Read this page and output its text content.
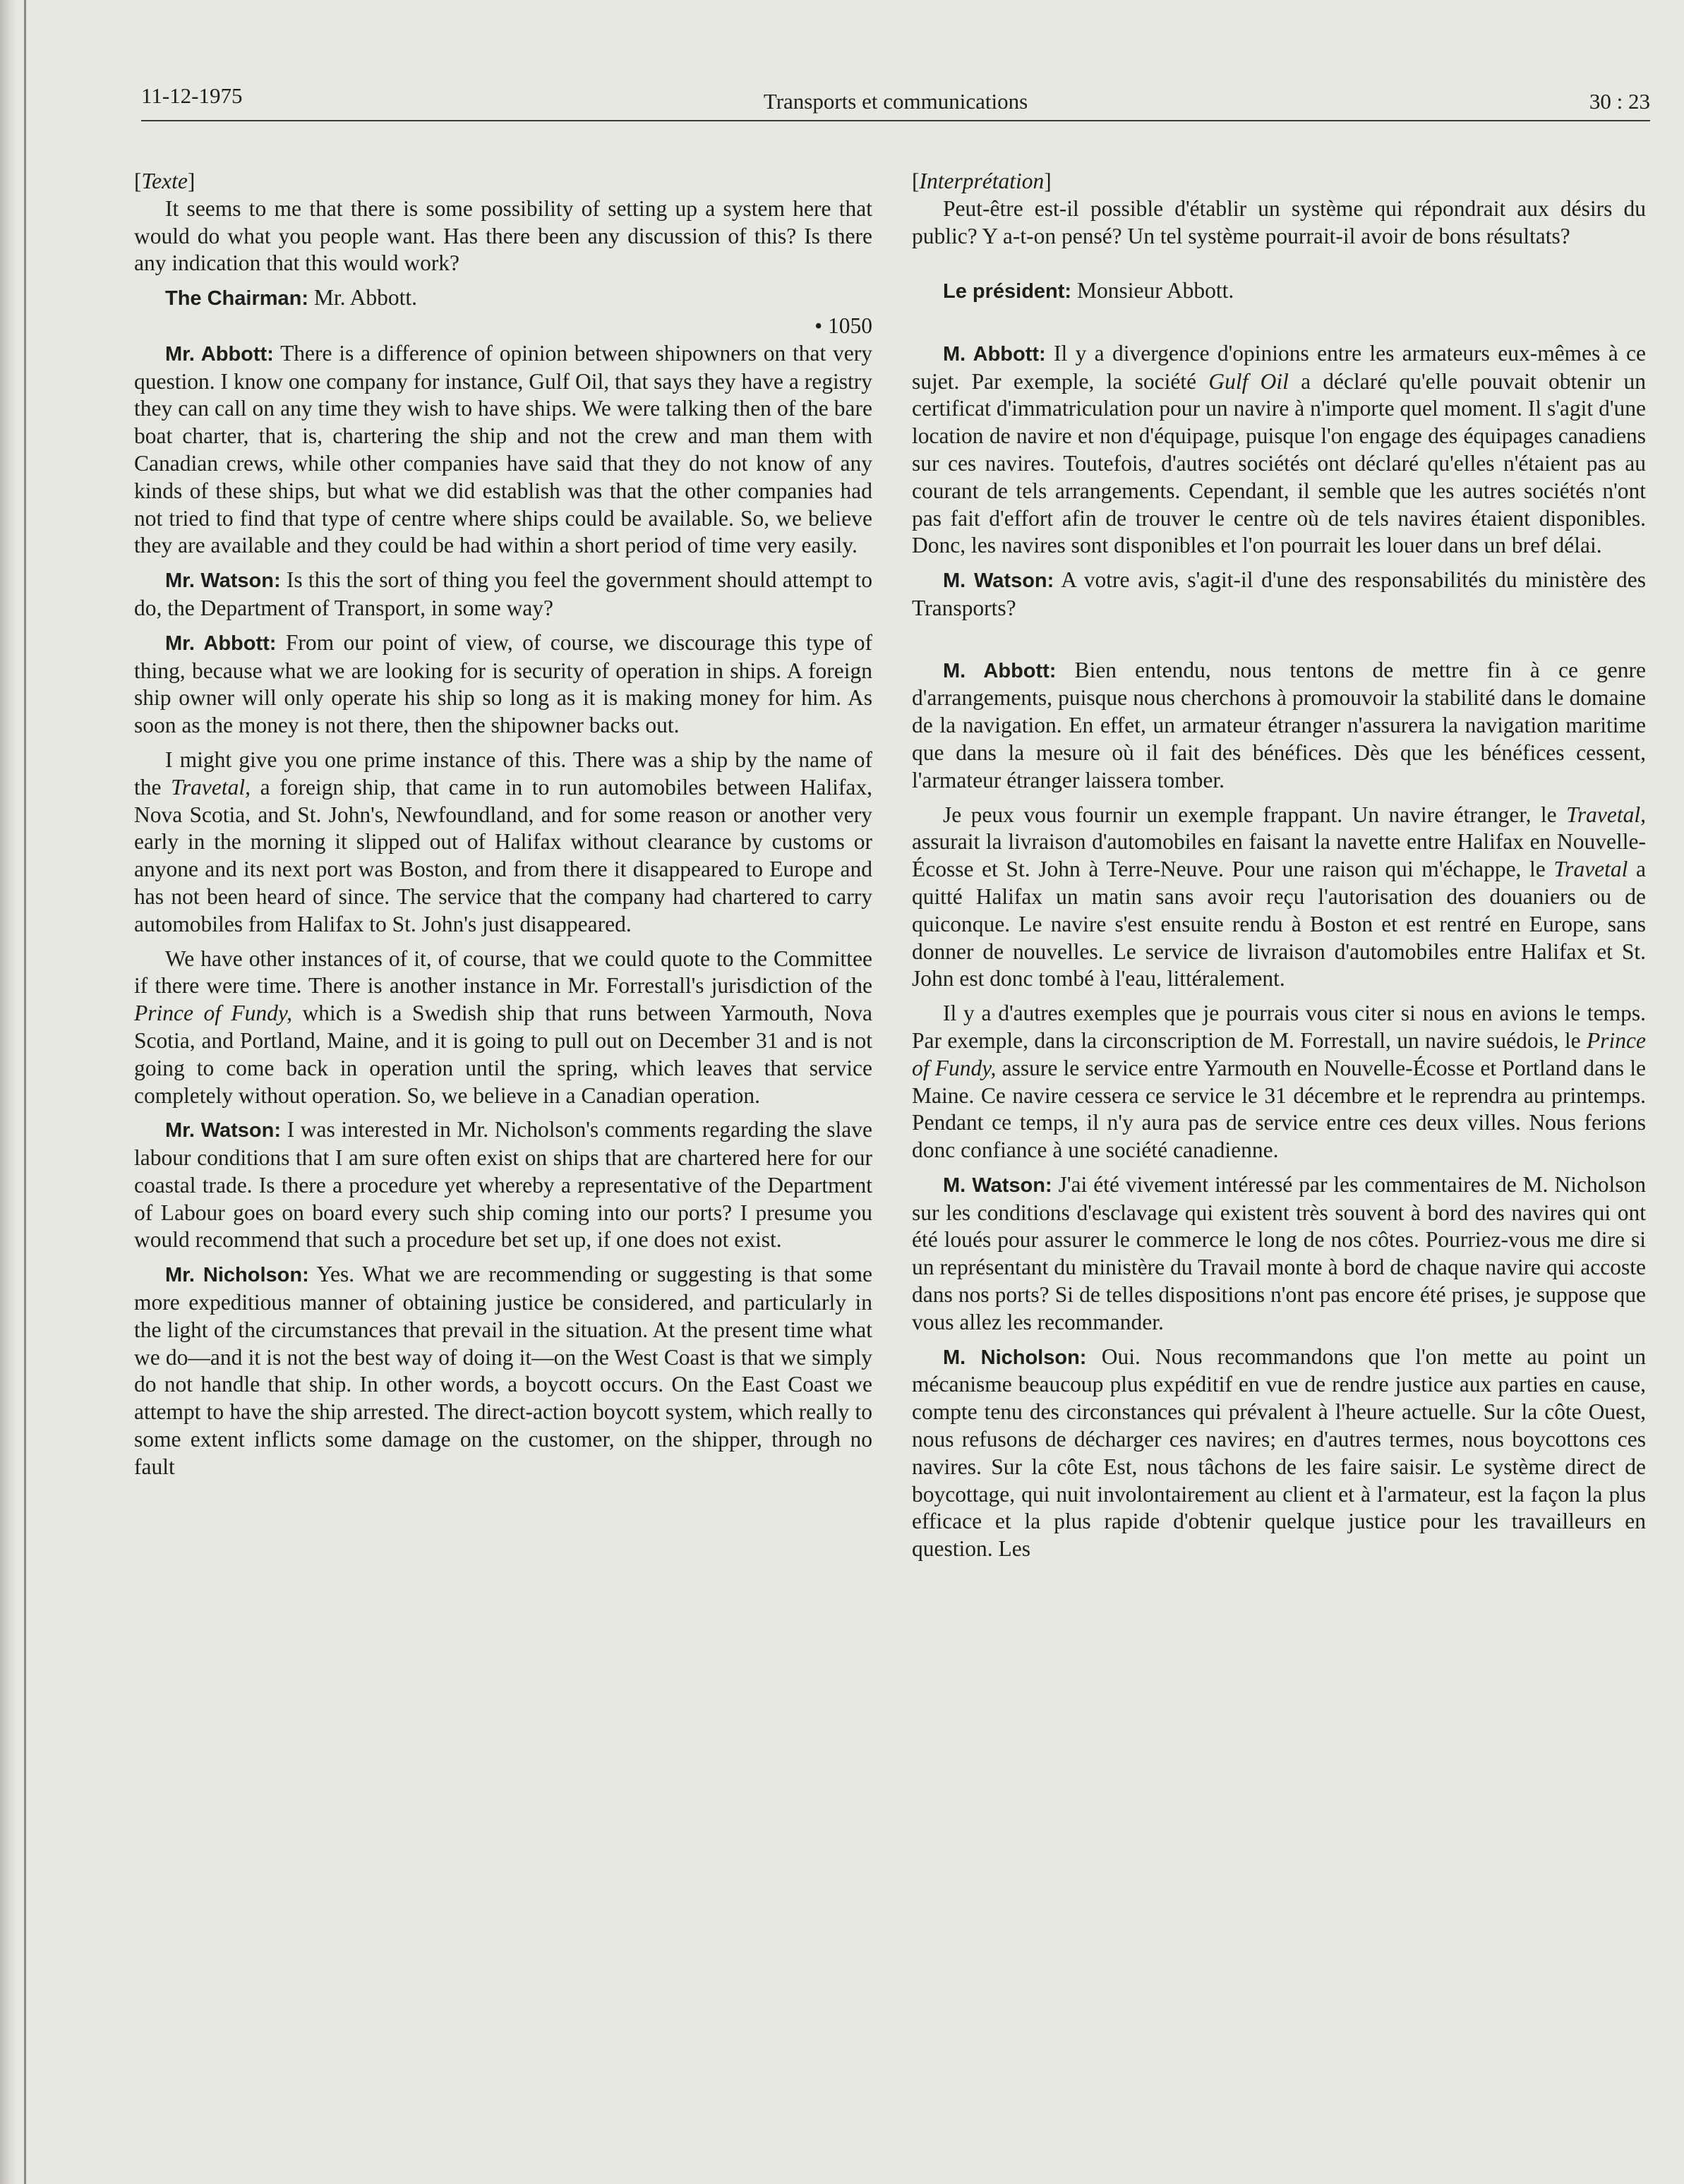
11-12-1975	Transports et communications	30 : 23

[Texte]

It seems to me that there is some possibility of setting up a system here that would do what you people want. Has there been any discussion of this? Is there any indication that this would work?

The Chairman: Mr. Abbott.

• 1050

Mr. Abbott: There is a difference of opinion between shipowners on that very question. I know one company for instance, Gulf Oil, that says they have a registry they can call on any time they wish to have ships. We were talking then of the bare boat charter, that is, chartering the ship and not the crew and man them with Canadian crews, while other companies have said that they do not know of any kinds of these ships, but what we did establish was that the other companies had not tried to find that type of centre where ships could be available. So, we believe they are available and they could be had within a short period of time very easily.

Mr. Watson: Is this the sort of thing you feel the government should attempt to do, the Department of Transport, in some way?

Mr. Abbott: From our point of view, of course, we discourage this type of thing, because what we are looking for is security of operation in ships. A foreign ship owner will only operate his ship so long as it is making money for him. As soon as the money is not there, then the shipowner backs out.

I might give you one prime instance of this. There was a ship by the name of the Travetal, a foreign ship, that came in to run automobiles between Halifax, Nova Scotia, and St. John's, Newfoundland, and for some reason or another very early in the morning it slipped out of Halifax without clearance by customs or anyone and its next port was Boston, and from there it disappeared to Europe and has not been heard of since. The service that the company had chartered to carry automobiles from Halifax to St. John's just disappeared.

We have other instances of it, of course, that we could quote to the Committee if there were time. There is another instance in Mr. Forrestall's jurisdiction of the Prince of Fundy, which is a Swedish ship that runs between Yarmouth, Nova Scotia, and Portland, Maine, and it is going to pull out on December 31 and is not going to come back in operation until the spring, which leaves that service completely without operation. So, we believe in a Canadian operation.

Mr. Watson: I was interested in Mr. Nicholson's comments regarding the slave labour conditions that I am sure often exist on ships that are chartered here for our coastal trade. Is there a procedure yet whereby a representative of the Department of Labour goes on board every such ship coming into our ports? I presume you would recommend that such a procedure bet set up, if one does not exist.

Mr. Nicholson: Yes. What we are recommending or suggesting is that some more expeditious manner of obtaining justice be considered, and particularly in the light of the circumstances that prevail in the situation. At the present time what we do—and it is not the best way of doing it—on the West Coast is that we simply do not handle that ship. In other words, a boycott occurs. On the East Coast we attempt to have the ship arrested. The direct-action boycott system, which really to some extent inflicts some damage on the customer, on the shipper, through no fault

[Interprétation]

Peut-être est-il possible d'établir un système qui répondrait aux désirs du public? Y a-t-on pensé? Un tel système pourrait-il avoir de bons résultats?

Le président: Monsieur Abbott.

M. Abbott: Il y a divergence d'opinions entre les armateurs eux-mêmes à ce sujet. Par exemple, la société Gulf Oil a déclaré qu'elle pouvait obtenir un certificat d'immatriculation pour un navire à n'importe quel moment. Il s'agit d'une location de navire et non d'équipage, puisque l'on engage des équipages canadiens sur ces navires. Toutefois, d'autres sociétés ont déclaré qu'elles n'étaient pas au courant de tels arrangements. Cependant, il semble que les autres sociétés n'ont pas fait d'effort afin de trouver le centre où de tels navires étaient disponibles. Donc, les navires sont disponibles et l'on pourrait les louer dans un bref délai.

M. Watson: A votre avis, s'agit-il d'une des responsabilités du ministère des Transports?

M. Abbott: Bien entendu, nous tentons de mettre fin à ce genre d'arrangements, puisque nous cherchons à promouvoir la stabilité dans le domaine de la navigation. En effet, un armateur étranger n'assurera la navigation maritime que dans la mesure où il fait des bénéfices. Dès que les bénéfices cessent, l'armateur étranger laissera tomber.

Je peux vous fournir un exemple frappant. Un navire étranger, le Travetal, assurait la livraison d'automobiles en faisant la navette entre Halifax en Nouvelle-Écosse et St. John à Terre-Neuve. Pour une raison qui m'échappe, le Travetal a quitté Halifax un matin sans avoir reçu l'autorisation des douaniers ou de quiconque. Le navire s'est ensuite rendu à Boston et est rentré en Europe, sans donner de nouvelles. Le service de livraison d'automobiles entre Halifax et St. John est donc tombé à l'eau, littéralement.

Il y a d'autres exemples que je pourrais vous citer si nous en avions le temps. Par exemple, dans la circonscription de M. Forrestall, un navire suédois, le Prince of Fundy, assure le service entre Yarmouth en Nouvelle-Écosse et Portland dans le Maine. Ce navire cessera ce service le 31 décembre et le reprendra au printemps. Pendant ce temps, il n'y aura pas de service entre ces deux villes. Nous ferions donc confiance à une société canadienne.

M. Watson: J'ai été vivement intéressé par les commentaires de M. Nicholson sur les conditions d'esclavage qui existent très souvent à bord des navires qui ont été loués pour assurer le commerce le long de nos côtes. Pourriez-vous me dire si un représentant du ministère du Travail monte à bord de chaque navire qui accoste dans nos ports? Si de telles dispositions n'ont pas encore été prises, je suppose que vous allez les recommander.

M. Nicholson: Oui. Nous recommandons que l'on mette au point un mécanisme beaucoup plus expéditif en vue de rendre justice aux parties en cause, compte tenu des circonstances qui prévalent à l'heure actuelle. Sur la côte Ouest, nous refusons de décharger ces navires; en d'autres termes, nous boycottons ces navires. Sur la côte Est, nous tâchons de les faire saisir. Le système direct de boycottage, qui nuit involontairement au client et à l'armateur, est la façon la plus efficace et la plus rapide d'obtenir quelque justice pour les travailleurs en question. Les
